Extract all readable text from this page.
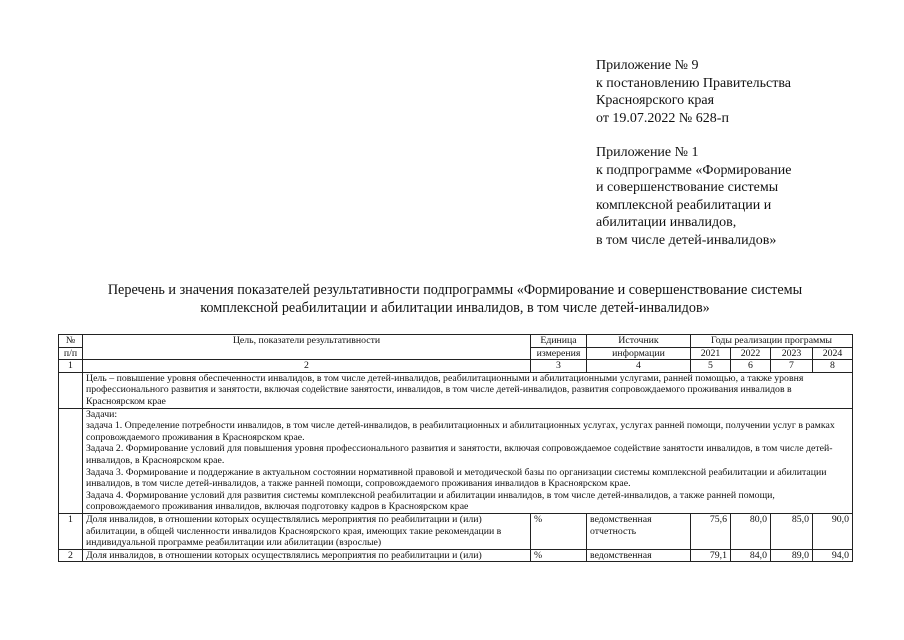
Приложение № 9
к постановлению Правительства
Красноярского края
от 19.07.2022 № 628-п
Приложение № 1
к подпрограмме «Формирование
и совершенствование системы
комплексной реабилитации и
абилитации инвалидов,
в том числе детей-инвалидов»
Перечень и значения показателей результативности подпрограммы «Формирование и совершенствование системы
комплексной реабилитации и абилитации инвалидов, в том числе детей-инвалидов»
№	Цель, показатели результативности	Единица	Источник	Годы реализации программы			
п/п		измерения	информации	2021	2022	2023	2024
1	2	3	4	5	6	7	8
	Цель – повышение уровня обеспеченности инвалидов, в том числе детей-инвалидов, реабилитационными и абилитационными услугами, ранней помощью, а также уровня профессионального развития и занятости, включая содействие занятости, инвалидов, в том числе детей-инвалидов, развития сопровождаемого проживания инвалидов в Красноярском крае						

	Задачи:
задача 1. Определение потребности инвалидов, в том числе детей-инвалидов, в реабилитационных и абилитационных услугах, услугах ранней помощи, получении услуг в рамках сопровождаемого проживания в Красноярском крае.
Задача 2. Формирование условий для повышения уровня профессионального развития и занятости, включая сопровождаемое содействие занятости инвалидов, в том числе детей-инвалидов, в Красноярском крае.
Задача 3. Формирование и поддержание в актуальном состоянии нормативной правовой и методической базы по организации системы комплексной реабилитации и абилитации инвалидов, в том числе детей-инвалидов, а также ранней помощи, сопровождаемого проживания инвалидов в Красноярском крае.
Задача 4. Формирование условий для развития системы комплексной реабилитации и абилитации инвалидов, в том числе детей-инвалидов, а также ранней помощи, сопровождаемого проживания инвалидов, включая подготовку кадров в Красноярском крае						

1	Доля инвалидов, в отношении которых осуществлялись мероприятия по реабилитации и (или) абилитации, в общей численности инвалидов Красноярского края, имеющих такие рекомендации в индивидуальной программе реабилитации или абилитации (взрослые)	%	ведомственная отчетность	75,6	80,0	85,0	90,0
2	Доля инвалидов, в отношении которых осуществлялись мероприятия по реабилитации и (или)	%	ведомственная	79,1	84,0	89,0	94,0
